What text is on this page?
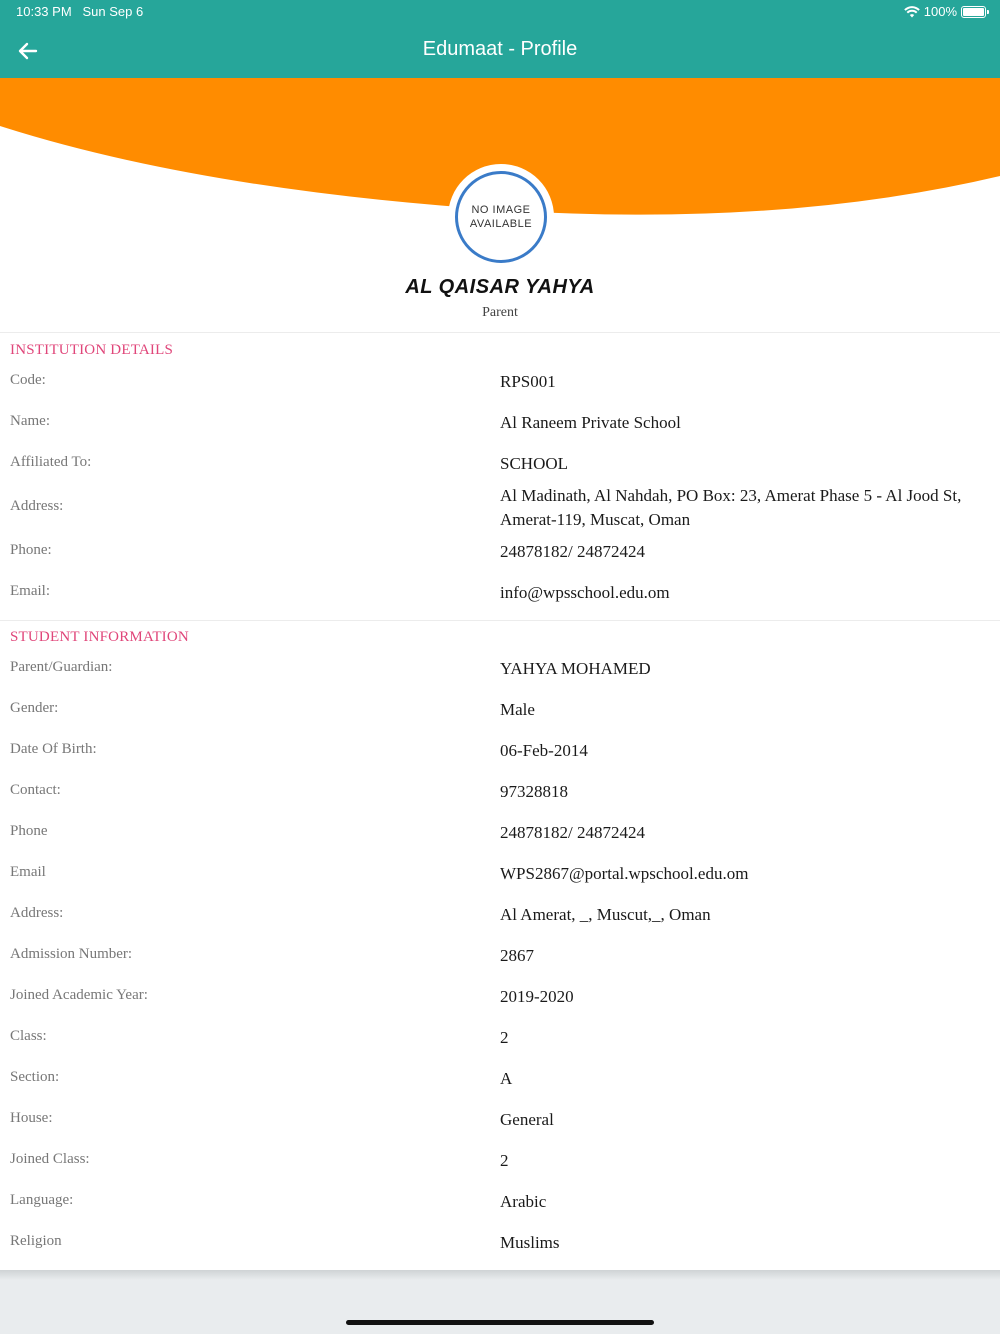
10:33 PM Sun Sep 6	100%
Edumaat - Profile
NO IMAGE
AVAILABLE
AL QAISAR YAHYA
Parent
INSTITUTION DETAILS
Code:	RPS001
Name:	Al Raneem Private School
Affiliated To:	SCHOOL
Address:
Al Madinath, Al Nahdah, PO Box: 23, Amerat Phase 5 - Al Jood St, Amerat-119, Muscat, Oman
Phone:	24878182/ 24872424
Email:	info@wpsschool.edu.om
STUDENT INFORMATION
Parent/Guardian:	YAHYA MOHAMED
Gender:	Male
Date Of Birth:	06-Feb-2014
Contact:	97328818
Phone	24878182/ 24872424
Email	WPS2867@portal.wpschool.edu.om
Address:	Al Amerat, _, Muscut,_, Oman
Admission Number:	2867
Joined Academic Year:	2019-2020
Class:	2
Section:	A
House:	General
Joined Class:	2
Language:	Arabic
Religion	Muslims
